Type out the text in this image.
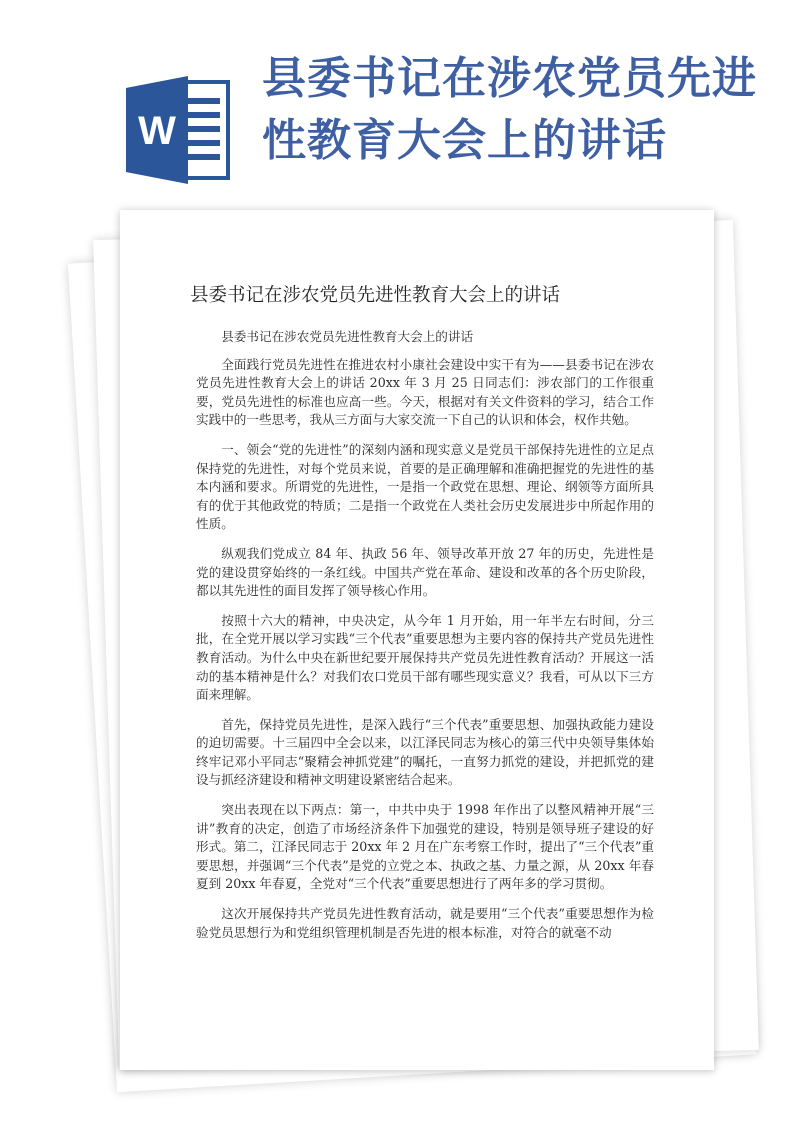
W
县委书记在涉农党员先进性教育大会上的讲话
县委书记在涉农党员先进性教育大会上的讲话

县委书记在涉农党员先进性教育大会上的讲话

全面践行党员先进性在推进农村小康社会建设中实干有为——县委书记在涉农党员先进性教育大会上的讲话 20xx 年 3 月 25 日同志们：涉农部门的工作很重要，党员先进性的标准也应高一些。今天，根据对有关文件资料的学习，结合工作实践中的一些思考，我从三方面与大家交流一下自己的认识和体会，权作共勉。

一、领会“党的先进性”的深刻内涵和现实意义是党员干部保持先进性的立足点保持党的先进性，对每个党员来说，首要的是正确理解和准确把握党的先进性的基本内涵和要求。所谓党的先进性，一是指一个政党在思想、理论、纲领等方面所具有的优于其他政党的特质；二是指一个政党在人类社会历史发展进步中所起作用的性质。

纵观我们党成立 84 年、执政 56 年、领导改革开放 27 年的历史，先进性是党的建设贯穿始终的一条红线。中国共产党在革命、建设和改革的各个历史阶段，都以其先进性的面目发挥了领导核心作用。

按照十六大的精神，中央决定，从今年 1 月开始，用一年半左右时间，分三批，在全党开展以学习实践“三个代表”重要思想为主要内容的保持共产党员先进性教育活动。为什么中央在新世纪要开展保持共产党员先进性教育活动？开展这一活动的基本精神是什么？对我们农口党员干部有哪些现实意义？我看，可从以下三方面来理解。

首先，保持党员先进性，是深入践行“三个代表”重要思想、加强执政能力建设的迫切需要。十三届四中全会以来，以江泽民同志为核心的第三代中央领导集体始终牢记邓小平同志“聚精会神抓党建”的嘱托，一直努力抓党的建设，并把抓党的建设与抓经济建设和精神文明建设紧密结合起来。

突出表现在以下两点：第一，中共中央于 1998 年作出了以整风精神开展“三讲”教育的决定，创造了市场经济条件下加强党的建设，特别是领导班子建设的好形式。第二，江泽民同志于 20xx 年 2 月在广东考察工作时，提出了“三个代表”重要思想，并强调“三个代表”是党的立党之本、执政之基、力量之源，从 20xx 年春夏到 20xx 年春夏，全党对“三个代表”重要思想进行了两年多的学习贯彻。

这次开展保持共产党员先进性教育活动，就是要用“三个代表”重要思想作为检验党员思想行为和党组织管理机制是否先进的根本标准，对符合的就毫不动
